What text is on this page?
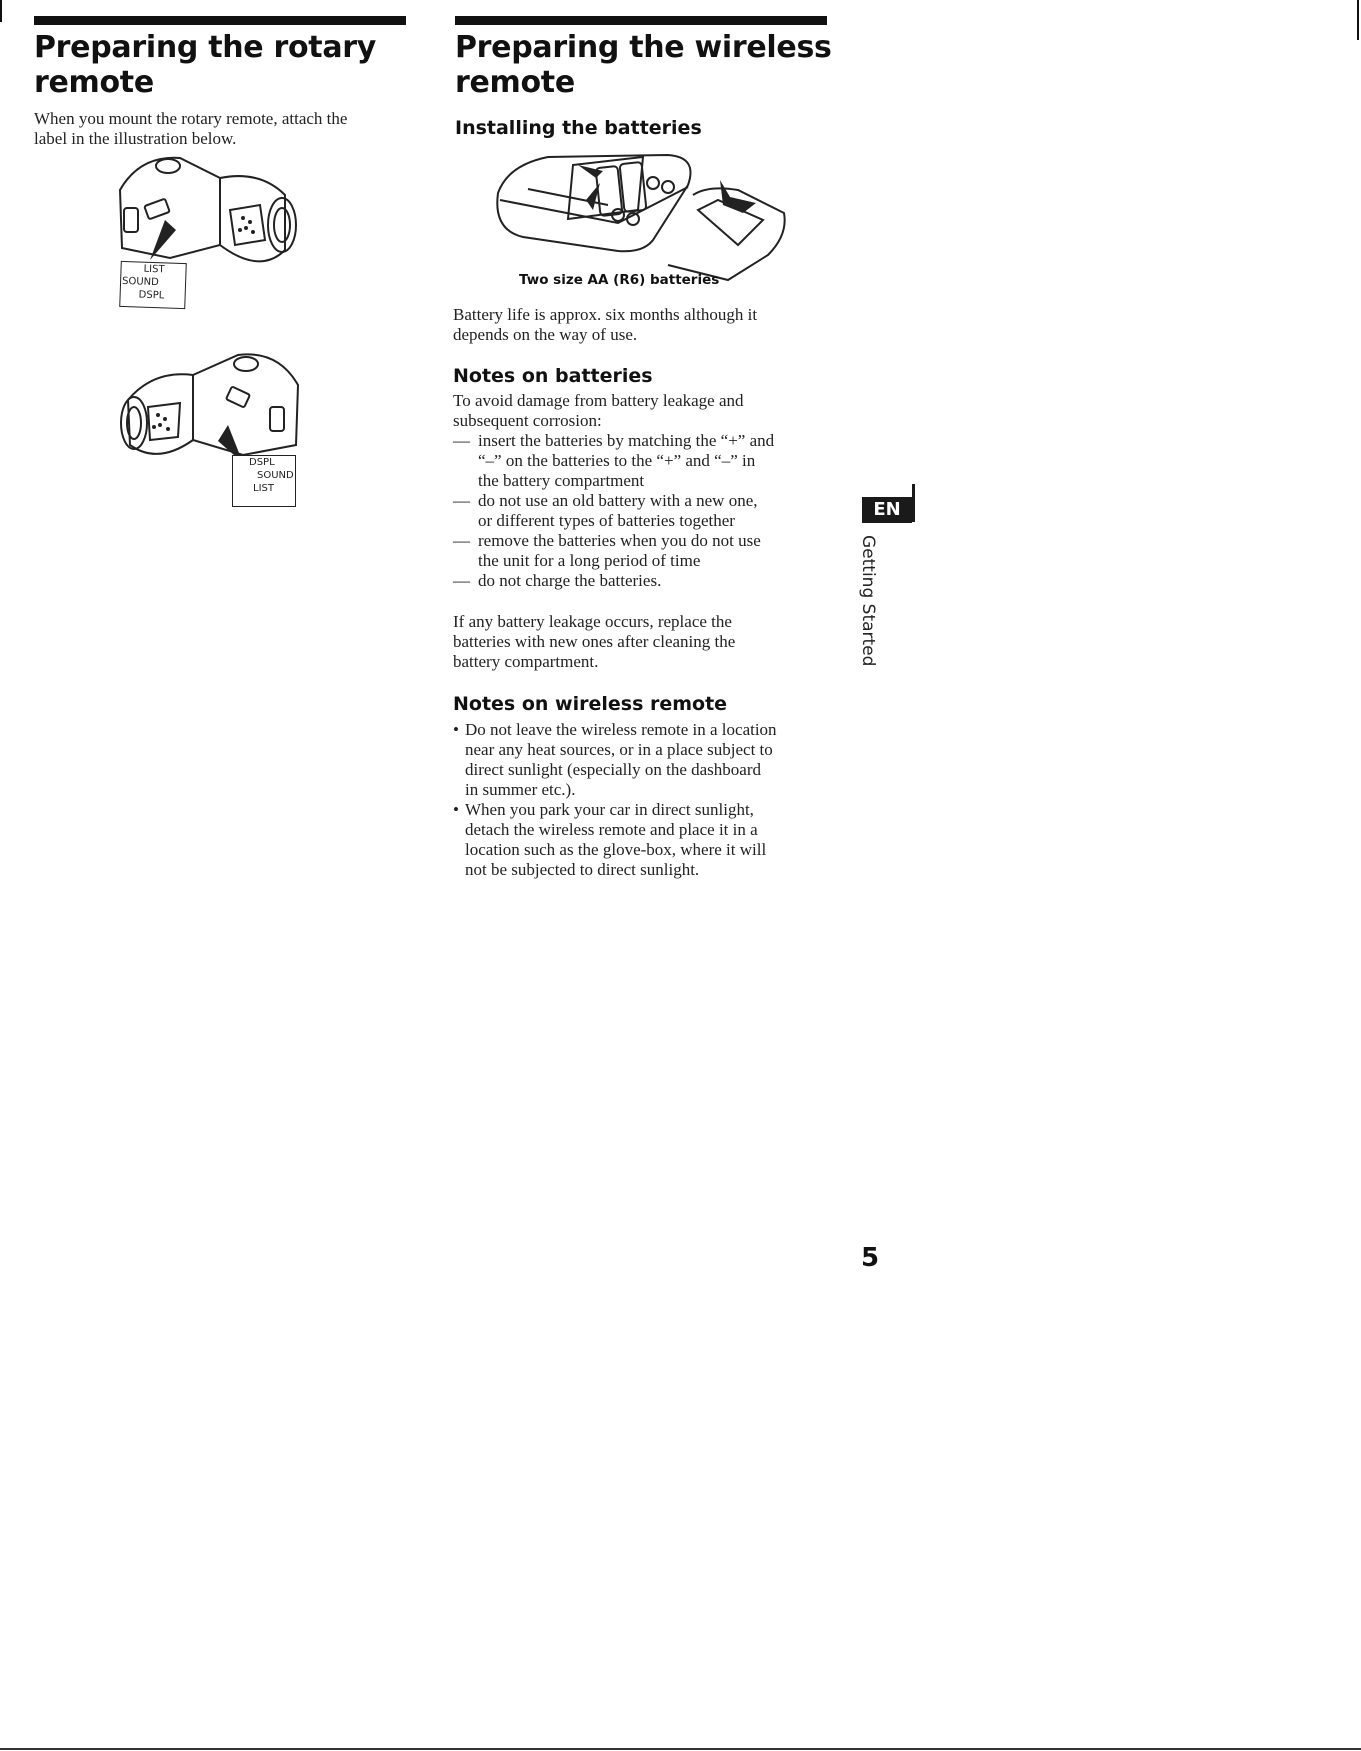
Preparing the rotary
remote

When you mount the rotary remote, attach the
label in the illustration below.

LIST
SOUND
DSPL
DSPL
SOUND
LIST
Preparing the wireless
remote
Installing the batteries
Two size AA (R6) batteries

Battery life is approx. six months although it
depends on the way of use.

Notes on batteries

To avoid damage from battery leakage and
subsequent corrosion:

— insert the batteries by matching the “+” and
“–” on the batteries to the “+” and “–” in
the battery compartment
— do not use an old battery with a new one,
or different types of batteries together
— remove the batteries when you do not use
the unit for a long period of time
— do not charge the batteries.

If any battery leakage occurs, replace the
batteries with new ones after cleaning the
battery compartment.

Notes on wireless remote
• Do not leave the wireless remote in a location
near any heat sources, or in a place subject to
direct sunlight (especially on the dashboard
in summer etc.).
• When you park your car in direct sunlight,
detach the wireless remote and place it in a
location such as the glove-box, where it will
not be subjected to direct sunlight.
EN
Getting Started
5
